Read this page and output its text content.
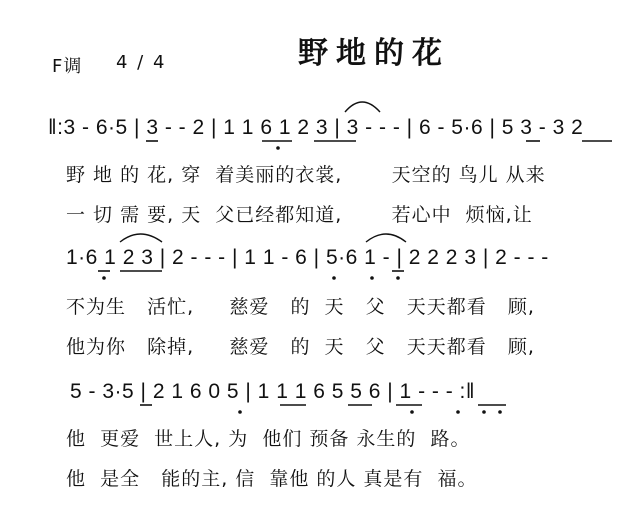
野地的花
F调 4 / 4
‖:3 - 6·5 | 3 - - 2 | 1 1 6 1 2 3 | 3 - - - | 6 - 5·6 | 5 3 - 3 2
野 地 的 花, 穿  着美丽的衣裳,       天空的 鸟儿 从来
一 切 需 要, 天  父已经都知道,       若心中  烦恼,让
1·6 1 2 3 | 2 - - - | 1 1 - 6 | 5·6 1 - | 2 2 2 3 | 2 - - -
不为生   活忙,     慈爱   的  天   父   天天都看   顾,
他为你   除掉,     慈爱   的  天   父   天天都看   顾,
5 - 3·5 | 2 1 6 0 5 | 1 1 1 6 5 5 6 | 1 - - - :‖
他  更爱  世上人, 为  他们 预备 永生的  路。
他  是全   能的主, 信  靠他 的人 真是有  福。
